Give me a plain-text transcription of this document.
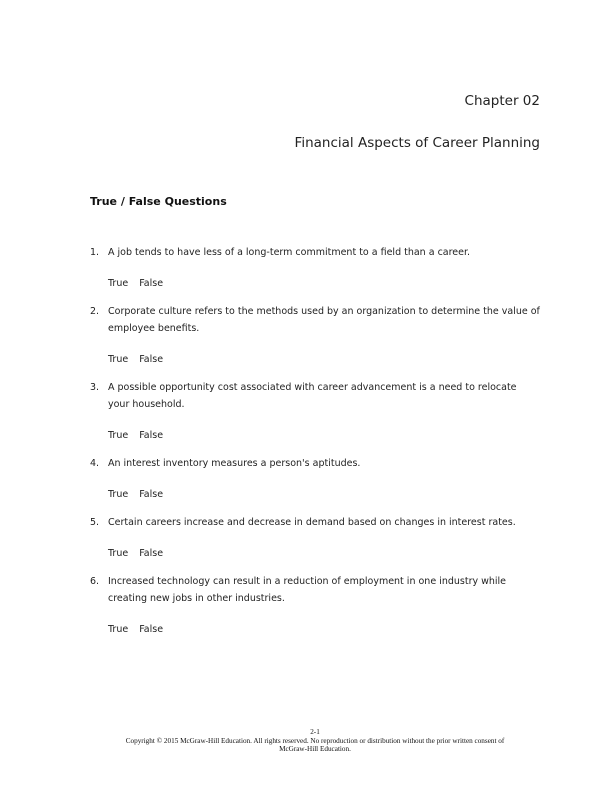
Chapter 02
Financial Aspects of Career Planning
True / False Questions
1. A job tends to have less of a long-term commitment to a field than a career.

True False
2. Corporate culture refers to the methods used by an organization to determine the value of employee benefits.

True False
3. A possible opportunity cost associated with career advancement is a need to relocate your household.

True False
4. An interest inventory measures a person's aptitudes.

True False
5. Certain careers increase and decrease in demand based on changes in interest rates.

True False
6. Increased technology can result in a reduction of employment in one industry while creating new jobs in other industries.

True False
2-1
Copyright © 2015 McGraw-Hill Education. All rights reserved. No reproduction or distribution without the prior written consent of
McGraw-Hill Education.
